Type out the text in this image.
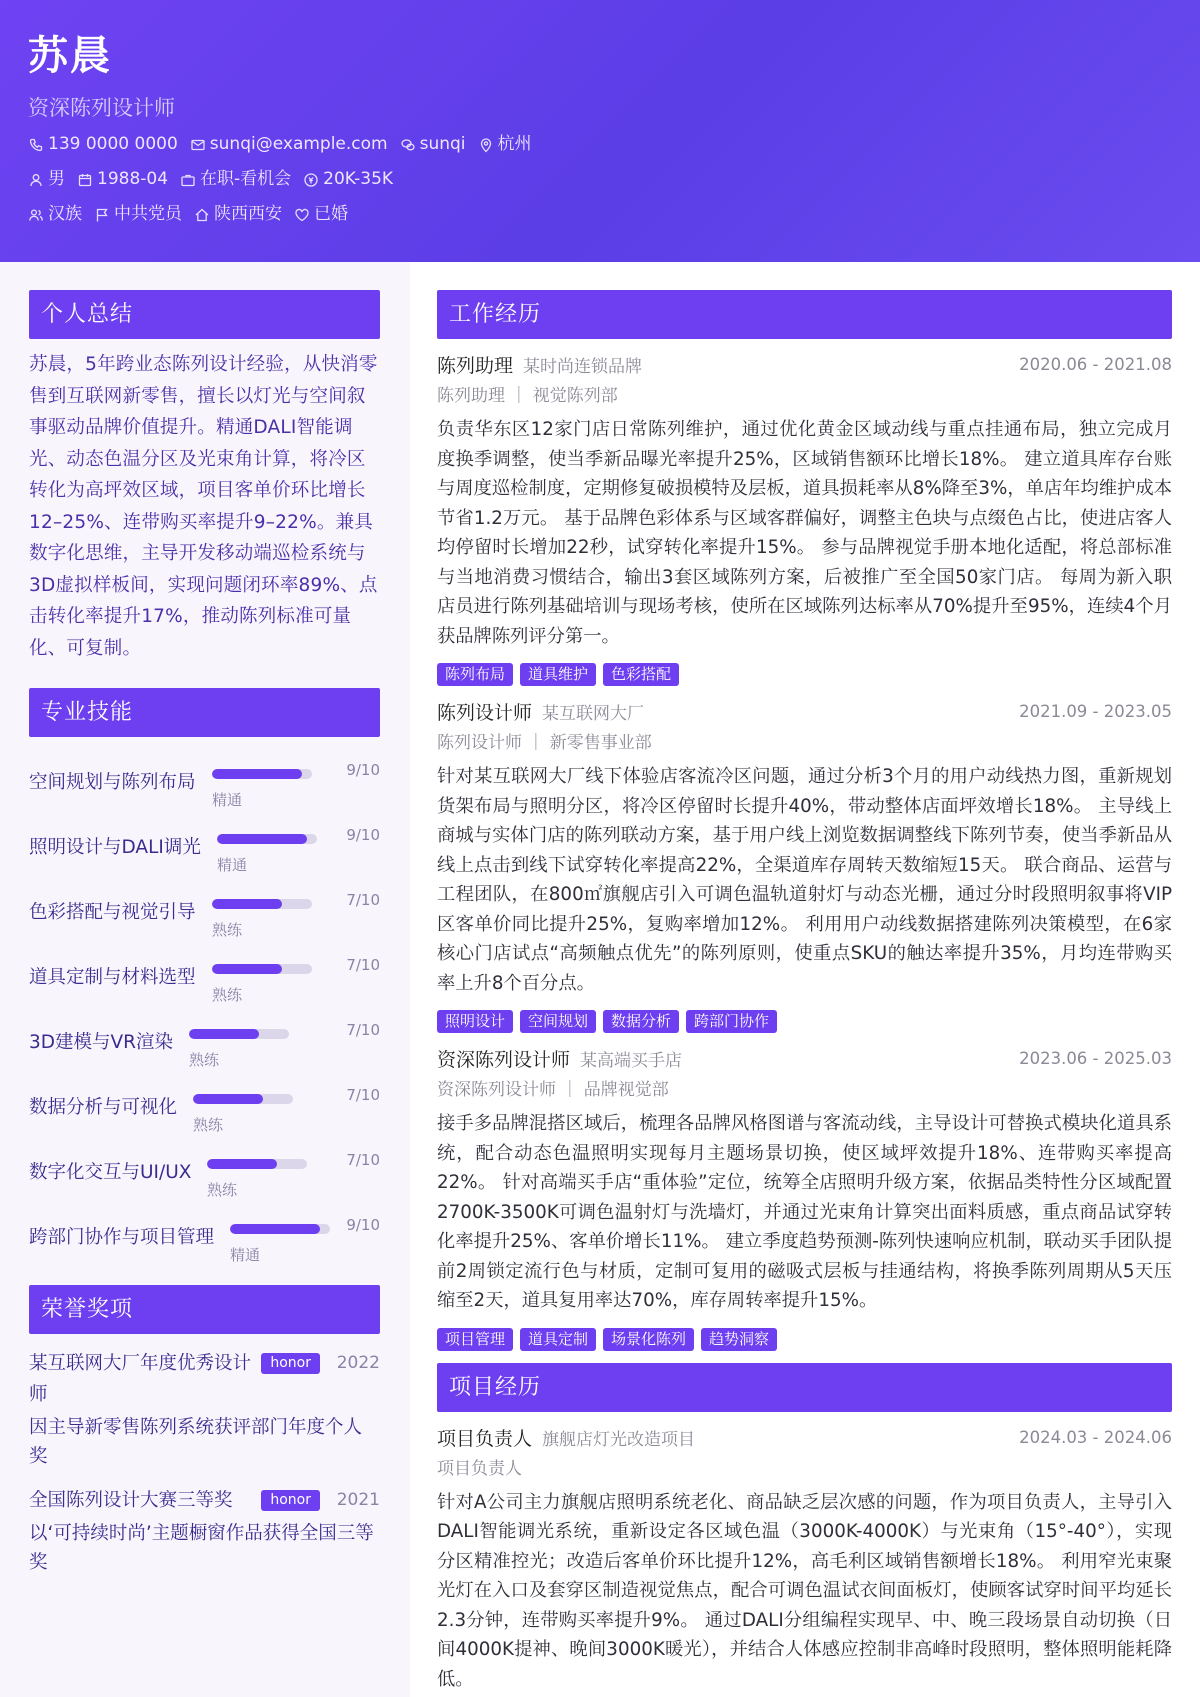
苏晨
资深陈列设计师
139 0000 0000 sunqi@example.com sunqi 杭州
男 1988-04 在职-看机会 20K-35K
汉族 中共党员 陕西西安 已婚
个人总结
苏晨，5年跨业态陈列设计经验，从快消零售到互联网新零售，擅长以灯光与空间叙事驱动品牌价值提升。精通DALI智能调光、动态色温分区及光束角计算，将冷区转化为高坪效区域，项目客单价环比增长12–25%、连带购买率提升9–22%。兼具数字化思维，主导开发移动端巡检系统与3D虚拟样板间，实现问题闭环率89%、点击转化率提升17%，推动陈列标准可量化、可复制。
专业技能
空间规划与陈列布局
精通
9/10
照明设计与DALI调光
精通
9/10
色彩搭配与视觉引导
熟练
7/10
道具定制与材料选型
熟练
7/10
3D建模与VR渲染
熟练
7/10
数据分析与可视化
熟练
7/10
数字化交互与UI/UX
熟练
7/10
跨部门协作与项目管理
精通
9/10
荣誉奖项
某互联网大厂年度优秀设计师
honor	2022
因主导新零售陈列系统获评部门年度个人奖
全国陈列设计大赛三等奖	honor	2021
以‘可持续时尚’主题橱窗作品获得全国三等奖
工作经历
陈列助理 某时尚连锁品牌	2020.06 - 2021.08
陈列助理 ｜ 视觉陈列部
负责华东区12家门店日常陈列维护，通过优化黄金区域动线与重点挂通布局，独立完成月度换季调整，使当季新品曝光率提升25%，区域销售额环比增长18%。 建立道具库存台账与周度巡检制度，定期修复破损模特及层板，道具损耗率从8%降至3%，单店年均维护成本节省1.2万元。 基于品牌色彩体系与区域客群偏好，调整主色块与点缀色占比，使进店客人均停留时长增加22秒，试穿转化率提升15%。 参与品牌视觉手册本地化适配，将总部标准与当地消费习惯结合，输出3套区域陈列方案，后被推广至全国50家门店。 每周为新入职店员进行陈列基础培训与现场考核，使所在区域陈列达标率从70%提升至95%，连续4个月获品牌陈列评分第一。
陈列布局	道具维护	色彩搭配
陈列设计师 某互联网大厂	2021.09 - 2023.05
陈列设计师 ｜ 新零售事业部
针对某互联网大厂线下体验店客流冷区问题，通过分析3个月的用户动线热力图，重新规划货架布局与照明分区，将冷区停留时长提升40%，带动整体店面坪效增长18%。 主导线上商城与实体门店的陈列联动方案，基于用户线上浏览数据调整线下陈列节奏，使当季新品从线上点击到线下试穿转化率提高22%，全渠道库存周转天数缩短15天。 联合商品、运营与工程团队，在800㎡旗舰店引入可调色温轨道射灯与动态光栅，通过分时段照明叙事将VIP区客单价同比提升25%，复购率增加12%。 利用用户动线数据搭建陈列决策模型，在6家核心门店试点“高频触点优先”的陈列原则，使重点SKU的触达率提升35%，月均连带购买率上升8个百分点。
照明设计	空间规划	数据分析	跨部门协作
资深陈列设计师 某高端买手店	2023.06 - 2025.03
资深陈列设计师 ｜ 品牌视觉部
接手多品牌混搭区域后，梳理各品牌风格图谱与客流动线，主导设计可替换式模块化道具系统，配合动态色温照明实现每月主题场景切换，使区域坪效提升18%、连带购买率提高22%。 针对高端买手店“重体验”定位，统筹全店照明升级方案，依据品类特性分区域配置2700K-3500K可调色温射灯与洗墙灯，并通过光束角计算突出面料质感，重点商品试穿转化率提升25%、客单价增长11%。 建立季度趋势预测-陈列快速响应机制，联动买手团队提前2周锁定流行色与材质，定制可复用的磁吸式层板与挂通结构，将换季陈列周期从5天压缩至2天，道具复用率达70%，库存周转率提升15%。
项目管理	道具定制	场景化陈列	趋势洞察
项目经历
项目负责人 旗舰店灯光改造项目	2024.03 - 2024.06
项目负责人
针对A公司主力旗舰店照明系统老化、商品缺乏层次感的问题，作为项目负责人，主导引入DALI智能调光系统，重新设定各区域色温（3000K-4000K）与光束角（15°-40°），实现分区精准控光；改造后客单价环比提升12%，高毛利区域销售额增长18%。 利用窄光束聚光灯在入口及套穿区制造视觉焦点，配合可调色温试衣间面板灯，使顾客试穿时间平均延长2.3分钟，连带购买率提升9%。 通过DALI分组编程实现早、中、晚三段场景自动切换（日间4000K提神、晚间3000K暖光），并结合人体感应控制非高峰时段照明，整体照明能耗降低。
